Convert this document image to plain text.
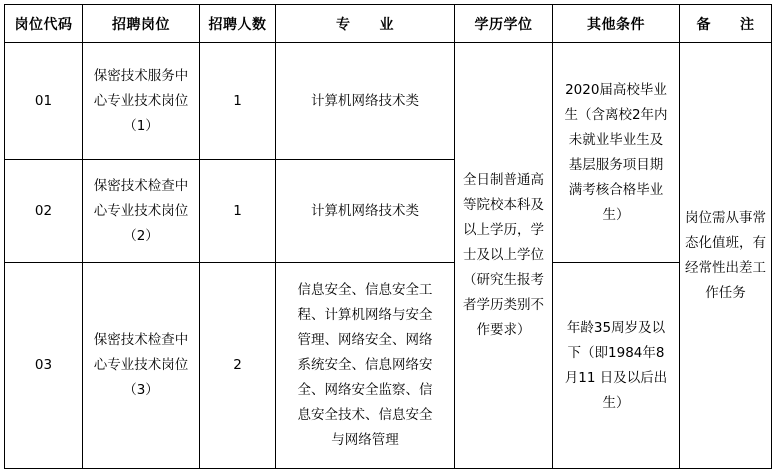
岗位代码	招聘岗位	招聘人数	专　　业	学历学位	其他条件	备　　注

01	保密技术服务中心专业技术岗位（1）	1	计算机网络技术类	全日制普通高等院校本科及以上学历，学士及以上学位（研究生报考者学历类别不作要求）	2020届高校毕业生（含离校2年内未就业毕业生及基层服务项目期满考核合格毕业生）	岗位需从事常态化值班，有经常性出差工作任务

02	保密技术检查中心专业技术岗位（2）	1	计算机网络技术类			

03	保密技术检查中心专业技术岗位（3）	2	信息安全、信息安全工程、计算机网络与安全管理、网络安全、网络系统安全、信息网络安全、网络安全监察、信息安全技术、信息安全与网络管理		年龄35周岁及以下（即1984年8月11 日及以后出生）	
